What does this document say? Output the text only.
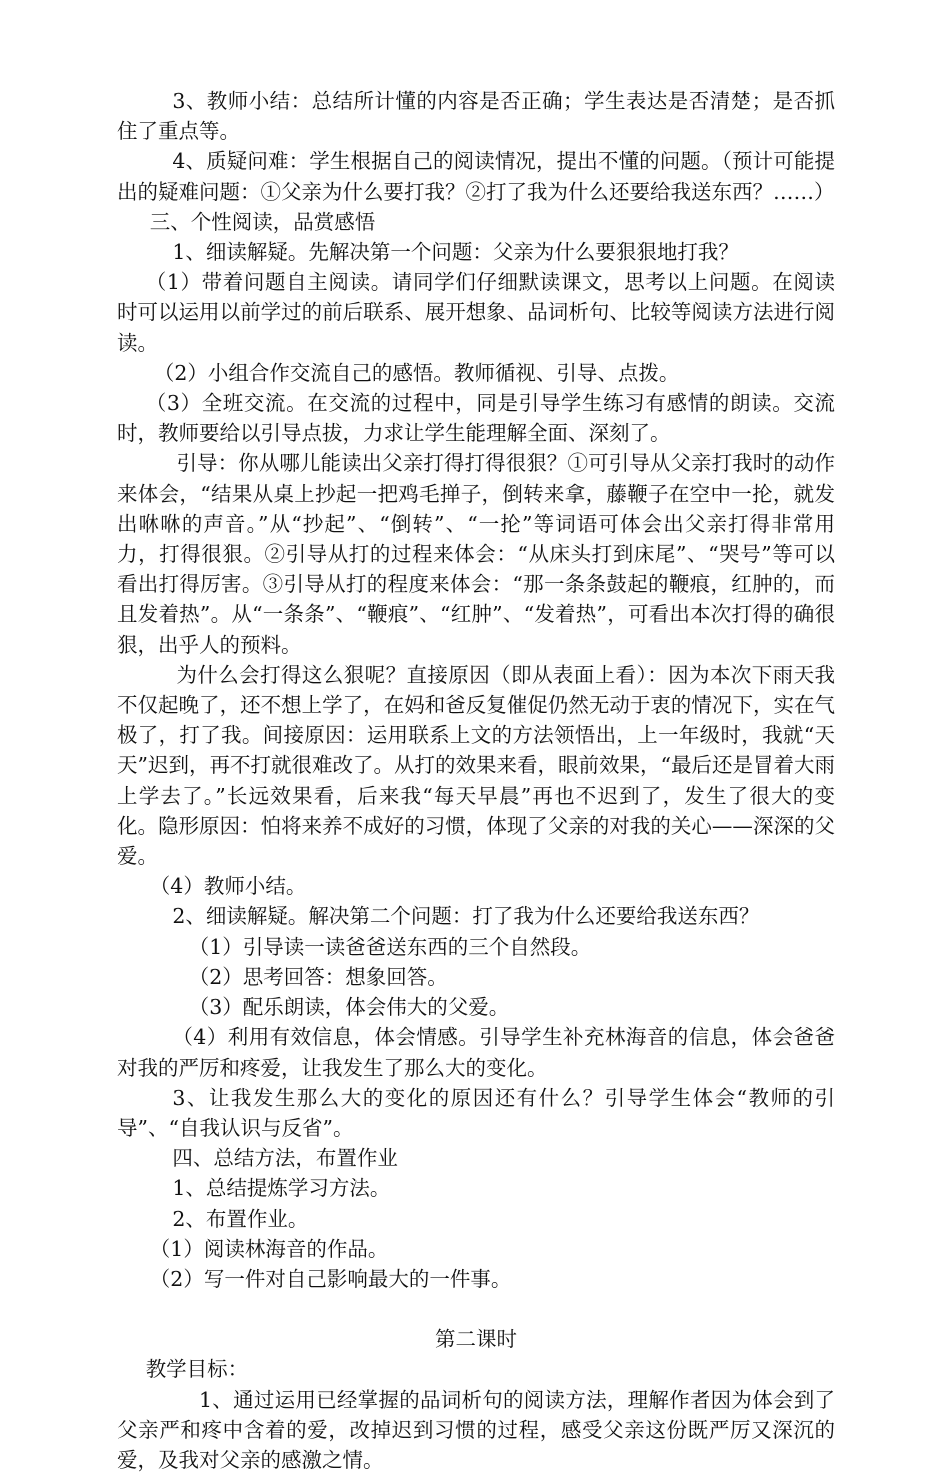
3、教师小结：总结所计懂的内容是否正确；学生表达是否清楚；是否抓住了重点等。

4、质疑问难：学生根据自己的阅读情况，提出不懂的问题。（预计可能提出的疑难问题：①父亲为什么要打我？②打了我为什么还要给我送东西？……）

三、个性阅读，品赏感悟

1、细读解疑。先解决第一个问题：父亲为什么要狠狠地打我？

（1）带着问题自主阅读。请同学们仔细默读课文，思考以上问题。在阅读时可以运用以前学过的前后联系、展开想象、品词析句、比较等阅读方法进行阅读。

（2）小组合作交流自己的感悟。教师循视、引导、点拨。

（3）全班交流。在交流的过程中，同是引导学生练习有感情的朗读。交流时，教师要给以引导点拔，力求让学生能理解全面、深刻了。

引导：你从哪儿能读出父亲打得打得很狠？①可引导从父亲打我时的动作来体会，“结果从桌上抄起一把鸡毛掸子，倒转来拿，藤鞭子在空中一抡，就发出咻咻的声音。”从“抄起”、“倒转”、“一抡”等词语可体会出父亲打得非常用力，打得很狠。②引导从打的过程来体会：“从床头打到床尾”、“哭号”等可以看出打得厉害。③引导从打的程度来体会：“那一条条鼓起的鞭痕，红肿的，而且发着热”。从“一条条”、“鞭痕”、“红肿”、“发着热”，可看出本次打得的确很狠，出乎人的预料。

为什么会打得这么狠呢？直接原因（即从表面上看）：因为本次下雨天我不仅起晚了，还不想上学了，在妈和爸反复催促仍然无动于衷的情况下，实在气极了，打了我。间接原因：运用联系上文的方法领悟出，上一年级时，我就“天天”迟到，再不打就很难改了。从打的效果来看，眼前效果，“最后还是冒着大雨上学去了。”长远效果看，后来我“每天早晨”再也不迟到了，发生了很大的变化。隐形原因：怕将来养不成好的习惯，体现了父亲的对我的关心——深深的父爱。

（4）教师小结。

2、细读解疑。解决第二个问题：打了我为什么还要给我送东西？

（1）引导读一读爸爸送东西的三个自然段。

（2）思考回答：想象回答。

（3）配乐朗读，体会伟大的父爱。

（4）利用有效信息，体会情感。引导学生补充林海音的信息，体会爸爸对我的严厉和疼爱，让我发生了那么大的变化。

3、让我发生那么大的变化的原因还有什么？引导学生体会“教师的引导”、“自我认识与反省”。

四、总结方法，布置作业

1、总结提炼学习方法。

2、布置作业。

（1）阅读林海音的作品。

（2）写一件对自己影响最大的一件事。

第二课时

教学目标：

1、通过运用已经掌握的品词析句的阅读方法，理解作者因为体会到了父亲严和疼中含着的爱，改掉迟到习惯的过程，感受父亲这份既严厉又深沉的爱，及我对父亲的感激之情。
